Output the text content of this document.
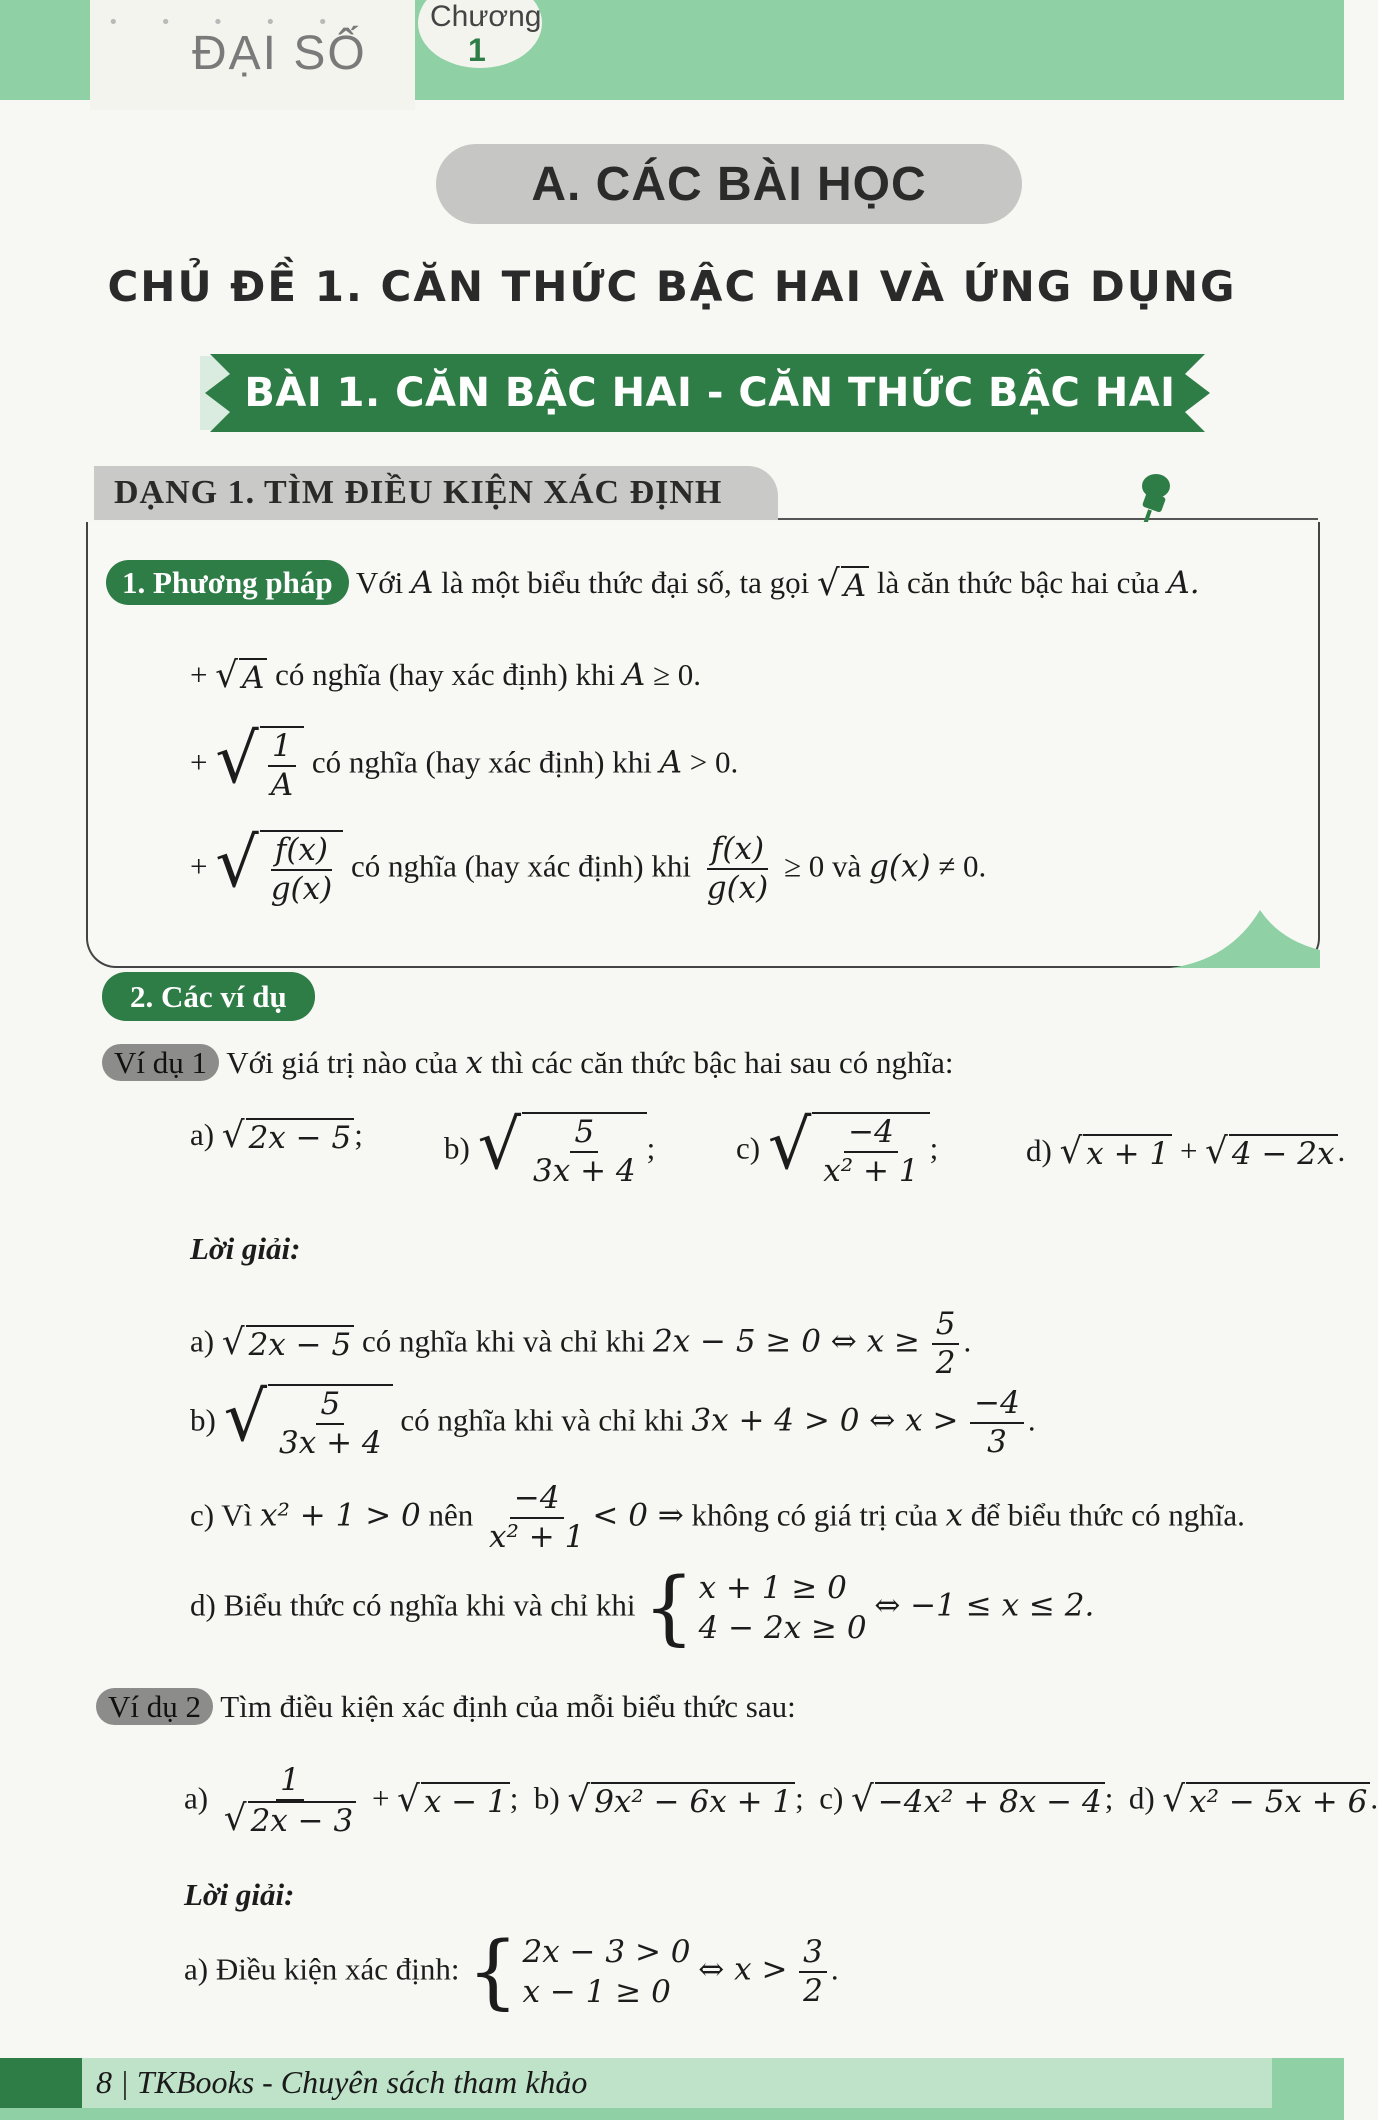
• • • • •
ĐẠI SỐ
Chương
1
A. CÁC BÀI HỌC
CHỦ ĐỀ 1. CĂN THỨC BẬC HAI VÀ ỨNG DỤNG
BÀI 1. CĂN BẬC HAI - CĂN THỨC BẬC HAI
DẠNG 1. TÌM ĐIỀU KIỆN XÁC ĐỊNH
1. Phương pháp Với A là một biểu thức đại số, ta gọi √ A là căn thức bậc hai của A.
+ √ A có nghĩa (hay xác định) khi A ≥ 0.
+ √ $\frac{1}{A}$ có nghĩa (hay xác định) khi A > 0.
+ √ $\frac{f(x)}{g(x)}$ có nghĩa (hay xác định) khi $\frac{f(x)}{g(x)} \ge 0$ và g(x) ≠ 0.
2. Các ví dụ
Ví dụ 1 Với giá trị nào của x thì các căn thức bậc hai sau có nghĩa:
a) √ 2x − 5 ;	b) √ $\frac{5}{3x + 4}$ ;	c) √ $\frac{-4}{\text{x² + 1}}$ ;	d) √ x + 1 + √ 4 − 2x .
Lời giải:
a) √ 2x − 5 có nghĩa khi và chỉ khi 2x − 5 ≥ 0 ⇔ $x \ge \frac{5}{2}$ .
b) √ $\frac{5}{3x + 4}$ có nghĩa khi và chỉ khi 3x + 4 > 0 ⇔ $x > \frac{-4}{3}$ .
c) Vì x² + 1 > 0 nên $\frac{-4}{\text{x² + 1}} < 0$ ⇒ không có giá trị của x để biểu thức có nghĩa.
d) Biểu thức có nghĩa khi và chỉ khi { x + 1 ≥ 0
4 − 2x ≥ 0
⇔ −1 ≤ x ≤ 2.
Ví dụ 2 Tìm điều kiện xác định của mỗi biểu thức sau:
$a) \frac{1}{√ 2x - 3}$ + √ x − 1 ;  b) √ 9x² − 6x + 1 ;  c) √ −4x² + 8x − 4 ;  d) √ x² − 5x + 6 .
Lời giải:
a) Điều kiện xác định: { 2x − 3 > 0
x − 1 ≥ 0
⇔ $x > \frac{3}{2}$ .
8 | TKBooks - Chuyên sách tham khảo
